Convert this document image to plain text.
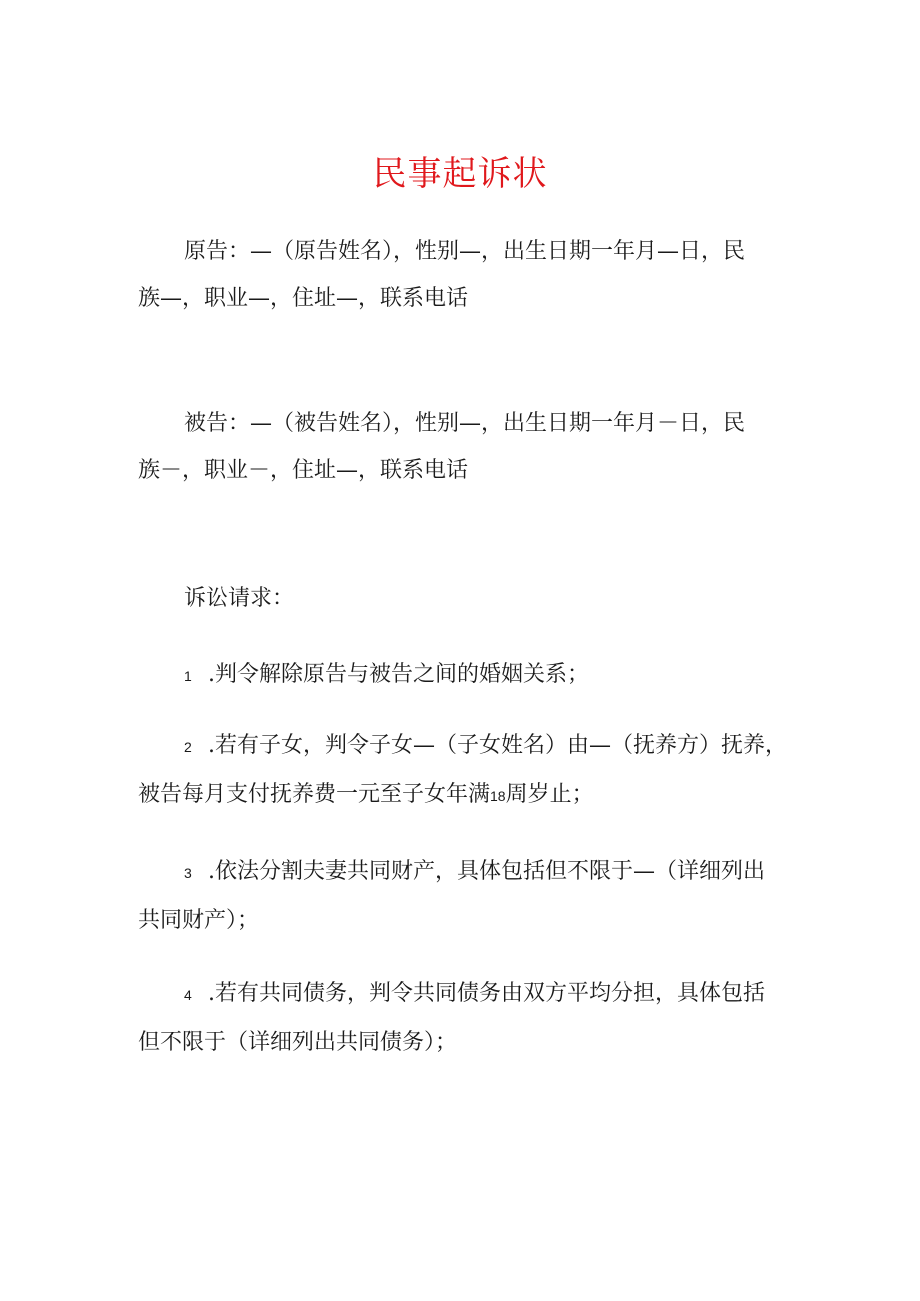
民事起诉状

原告：—（原告姓名），性别—，出生日期一年月—日，民
族—，职业—，住址—，联系电话

被告：—（被告姓名），性别—，出生日期一年月－日，民
族－，职业－，住址—，联系电话

诉讼请求：

1 .判令解除原告与被告之间的婚姻关系；

2 .若有子女，判令子女—（子女姓名）由—（抚养方）抚养，
被告每月支付抚养费一元至子女年满18周岁止；

3 .依法分割夫妻共同财产，具体包括但不限于—（详细列出
共同财产）；

4 .若有共同债务，判令共同债务由双方平均分担，具体包括
但不限于（详细列出共同债务）；
